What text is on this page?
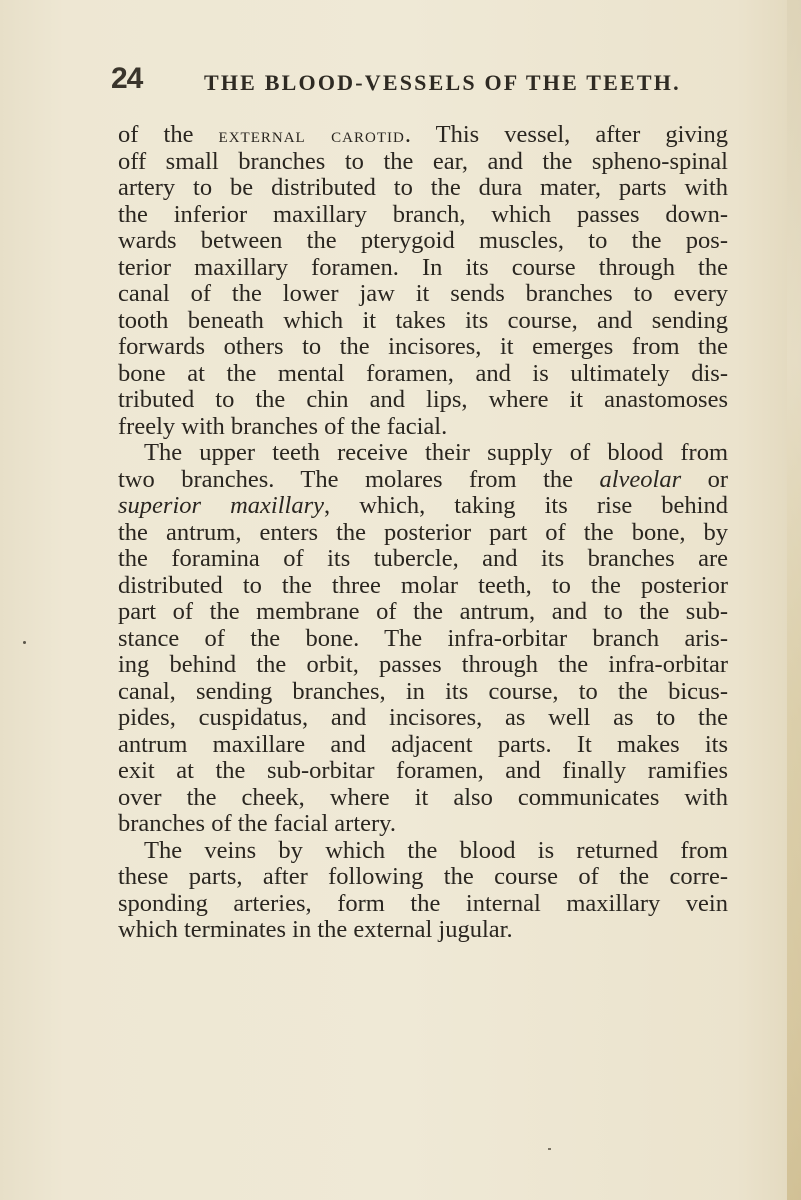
24	THE BLOOD-VESSELS OF THE TEETH.
of the external carotid. This vessel, after giving
off small branches to the ear, and the spheno-spinal
artery to be distributed to the dura mater, parts with
the inferior maxillary branch, which passes down-
wards between the pterygoid muscles, to the pos-
terior maxillary foramen. In its course through the
canal of the lower jaw it sends branches to every
tooth beneath which it takes its course, and sending
forwards others to the incisores, it emerges from the
bone at the mental foramen, and is ultimately dis-
tributed to the chin and lips, where it anastomoses
freely with branches of the facial.
The upper teeth receive their supply of blood from
two branches. The molares from the alveolar or
superior maxillary, which, taking its rise behind
the antrum, enters the posterior part of the bone, by
the foramina of its tubercle, and its branches are
distributed to the three molar teeth, to the posterior
part of the membrane of the antrum, and to the sub-
stance of the bone. The infra-orbitar branch aris-
ing behind the orbit, passes through the infra-orbitar
canal, sending branches, in its course, to the bicus-
pides, cuspidatus, and incisores, as well as to the
antrum maxillare and adjacent parts. It makes its
exit at the sub-orbitar foramen, and finally ramifies
over the cheek, where it also communicates with
branches of the facial artery.
The veins by which the blood is returned from
these parts, after following the course of the corre-
sponding arteries, form the internal maxillary vein
which terminates in the external jugular.
